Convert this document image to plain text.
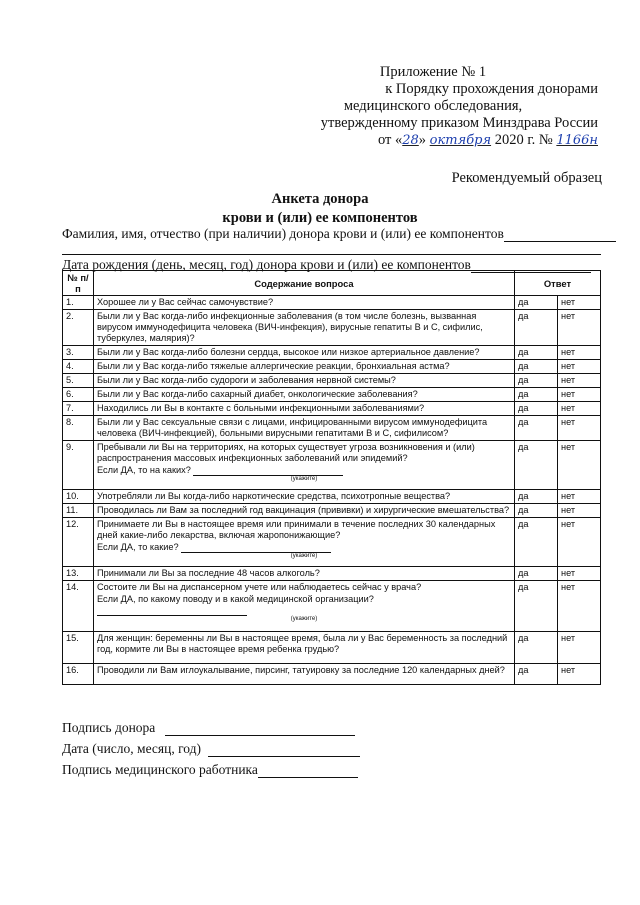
Приложение № 1
к Порядку прохождения донорами
медицинского обследования,
утвержденному приказом Минздрава России
от «28» октября 2020 г. № 1166н
Рекомендуемый образец
Анкета донора
крови и (или) ее компонентов
Фамилия, имя, отчество (при наличии) донора крови и (или) ее компонентов
Дата рождения (день, месяц, год) донора крови и (или) ее компонентов
№ п/п	Содержание вопроса	Ответ	
1.	Хорошее ли у Вас сейчас самочувствие?	да	нет
2.	Были ли у Вас когда-либо инфекционные заболевания (в том числе болезнь, вызванная вирусом иммунодефицита человека (ВИЧ-инфекция), вирусные гепатиты В и С, сифилис, туберкулез, малярия)?	да	нет
3.	Были ли у Вас когда-либо болезни сердца, высокое или низкое артериальное давление?	да	нет
4.	Были ли у Вас когда-либо тяжелые аллергические реакции, бронхиальная астма?	да	нет
5.	Были ли у Вас когда-либо судороги и заболевания нервной системы?	да	нет
6.	Были ли у Вас когда-либо сахарный диабет, онкологические заболевания?	да	нет
7.	Находились ли Вы в контакте с больными инфекционными заболеваниями?	да	нет
8.	Были ли у Вас сексуальные связи с лицами, инфицированными вирусом иммунодефицита человека (ВИЧ-инфекцией), больными вирусными гепатитами В и С, сифилисом?	да	нет
9.	Пребывали ли Вы на территориях, на которых существует угроза возникновения и (или) распространения массовых инфекционных заболеваний или эпидемий?
Если ДА, то на каких?
(укажите)	да	нет
10.	Употребляли ли Вы когда-либо наркотические средства, психотропные вещества?	да	нет
11.	Проводилась ли Вам за последний год вакцинация (прививки) и хирургические вмешательства?	да	нет
12.	Принимаете ли Вы в настоящее время или принимали в течение последних 30 календарных дней какие-либо лекарства, включая жаропонижающие?
Если ДА, то какие?
(укажите)	да	нет
13.	Принимали ли Вы за последние 48 часов алкоголь?	да	нет
14.	Состоите ли Вы на диспансерном учете или наблюдаетесь сейчас у врача?
Если ДА, по какому поводу и в какой медицинской организации?
(укажите)	да	нет
15.	Для женщин: беременны ли Вы в настоящее время, была ли у Вас беременность за последний год, кормите ли Вы в настоящее время ребенка грудью?	да	нет
16.	Проводили ли Вам иглоукалывание, пирсинг, татуировку за последние 120 календарных дней?	да	нет
Подпись донора
Дата (число, месяц, год)
Подпись медицинского работника
